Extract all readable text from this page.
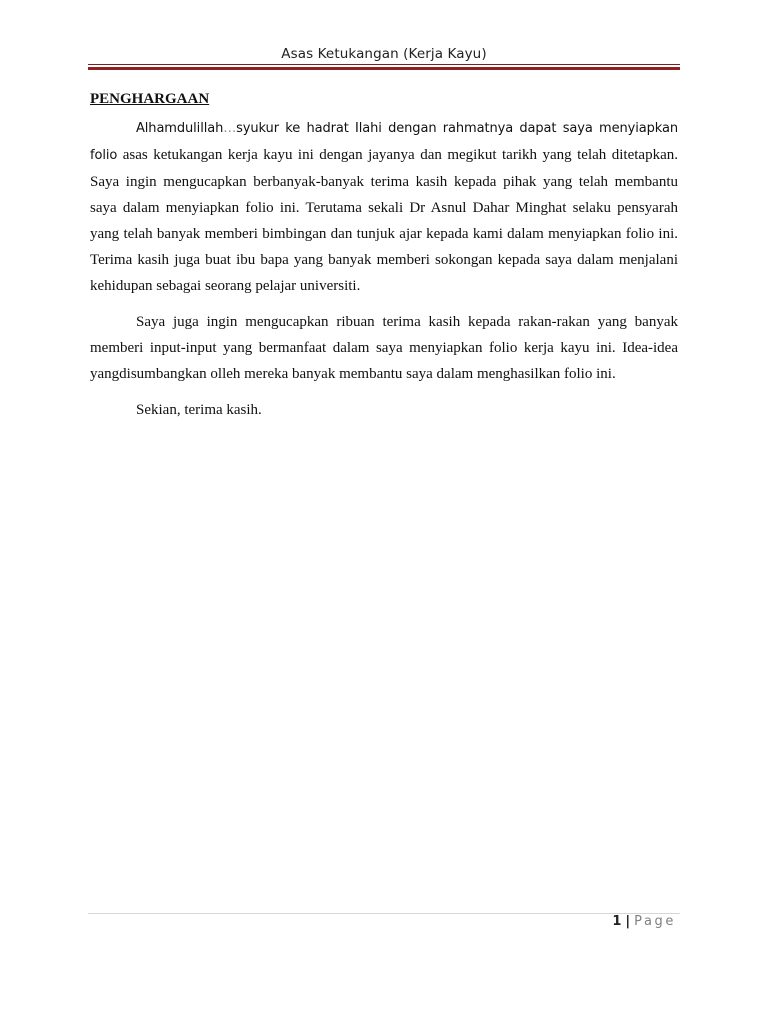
Asas Ketukangan (Kerja Kayu)
PENGHARGAAN

Alhamdulillah…syukur ke hadrat Ilahi dengan rahmatnya dapat saya menyiapkan folio asas ketukangan kerja kayu ini dengan jayanya dan megikut tarikh yang telah ditetapkan. Saya ingin mengucapkan berbanyak-banyak terima kasih kepada pihak yang telah membantu saya dalam menyiapkan folio ini. Terutama sekali Dr Asnul Dahar Minghat selaku pensyarah yang telah banyak memberi bimbingan dan tunjuk ajar kepada kami dalam menyiapkan folio ini. Terima kasih juga buat ibu bapa yang banyak memberi sokongan kepada saya dalam menjalani kehidupan sebagai seorang pelajar universiti.

Saya juga ingin mengucapkan ribuan terima kasih kepada rakan-rakan yang banyak memberi input-input yang bermanfaat dalam saya menyiapkan folio kerja kayu ini. Idea-idea yangdisumbangkan olleh mereka banyak membantu saya dalam menghasilkan folio ini.

Sekian, terima kasih.

1 | Page
